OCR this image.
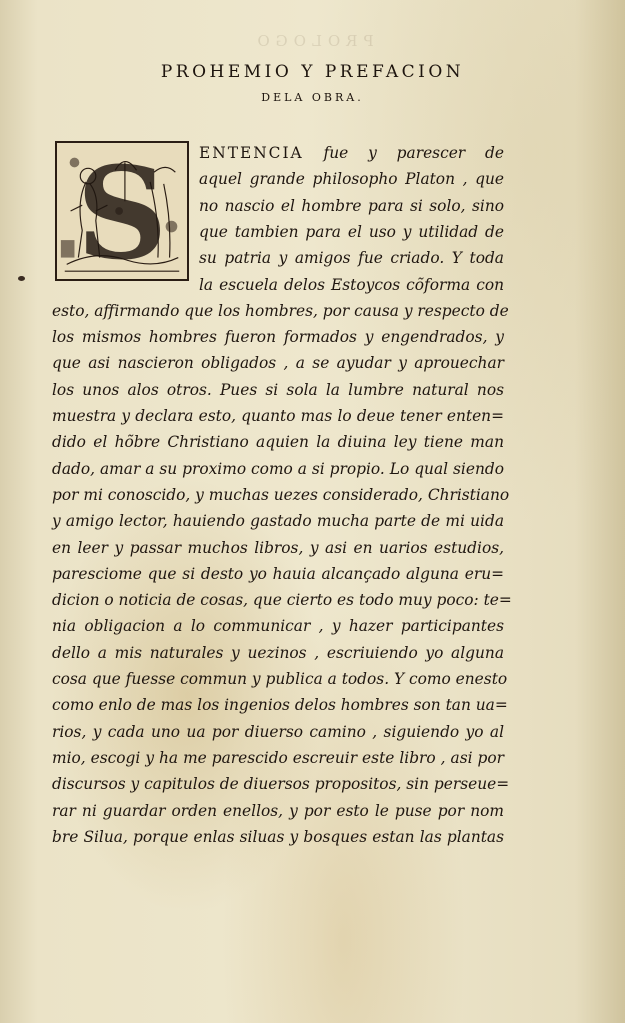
PROLOGO
PROHEMIO Y PREFACION
DELA OBRA.
S ENTENCIA fue y parescer de
aquel grande philosopho Platon , que
no nascio el hombre para si solo, sino
que tambien para el uso y utilidad de
su patria y amigos fue criado. Y toda
la escuela delos Estoycos cõforma con
esto, affirmando que los hombres, por causa y respecto de
los mismos hombres fueron formados y engendrados, y
que asi nascieron obligados , a se ayudar y aprouechar
los unos alos otros. Pues si sola la lumbre natural nos
muestra y declara esto, quanto mas lo deue tener enten=
dido el hõbre Christiano aquien la diuina ley tiene man
dado, amar a su proximo como a si propio. Lo qual siendo
por mi conoscido, y muchas uezes considerado, Christiano
y amigo lector, hauiendo gastado mucha parte de mi uida
en leer y passar muchos libros, y asi en uarios estudios,
paresciome que si desto yo hauia alcançado alguna eru=
dicion o noticia de cosas, que cierto es todo muy poco: te=
nia obligacion a lo communicar , y hazer participantes
dello a mis naturales y uezinos , escriuiendo yo alguna
cosa que fuesse commun y publica a todos. Y como enesto
como enlo de mas los ingenios delos hombres son tan ua=
rios, y cada uno ua por diuerso camino , siguiendo yo al
mio, escogi y ha me parescido escreuir este libro , asi por
discursos y capitulos de diuersos propositos, sin perseue=
rar ni guardar orden enellos, y por esto le puse por nom
bre Silua, porque enlas siluas y bosques estan las plantas
